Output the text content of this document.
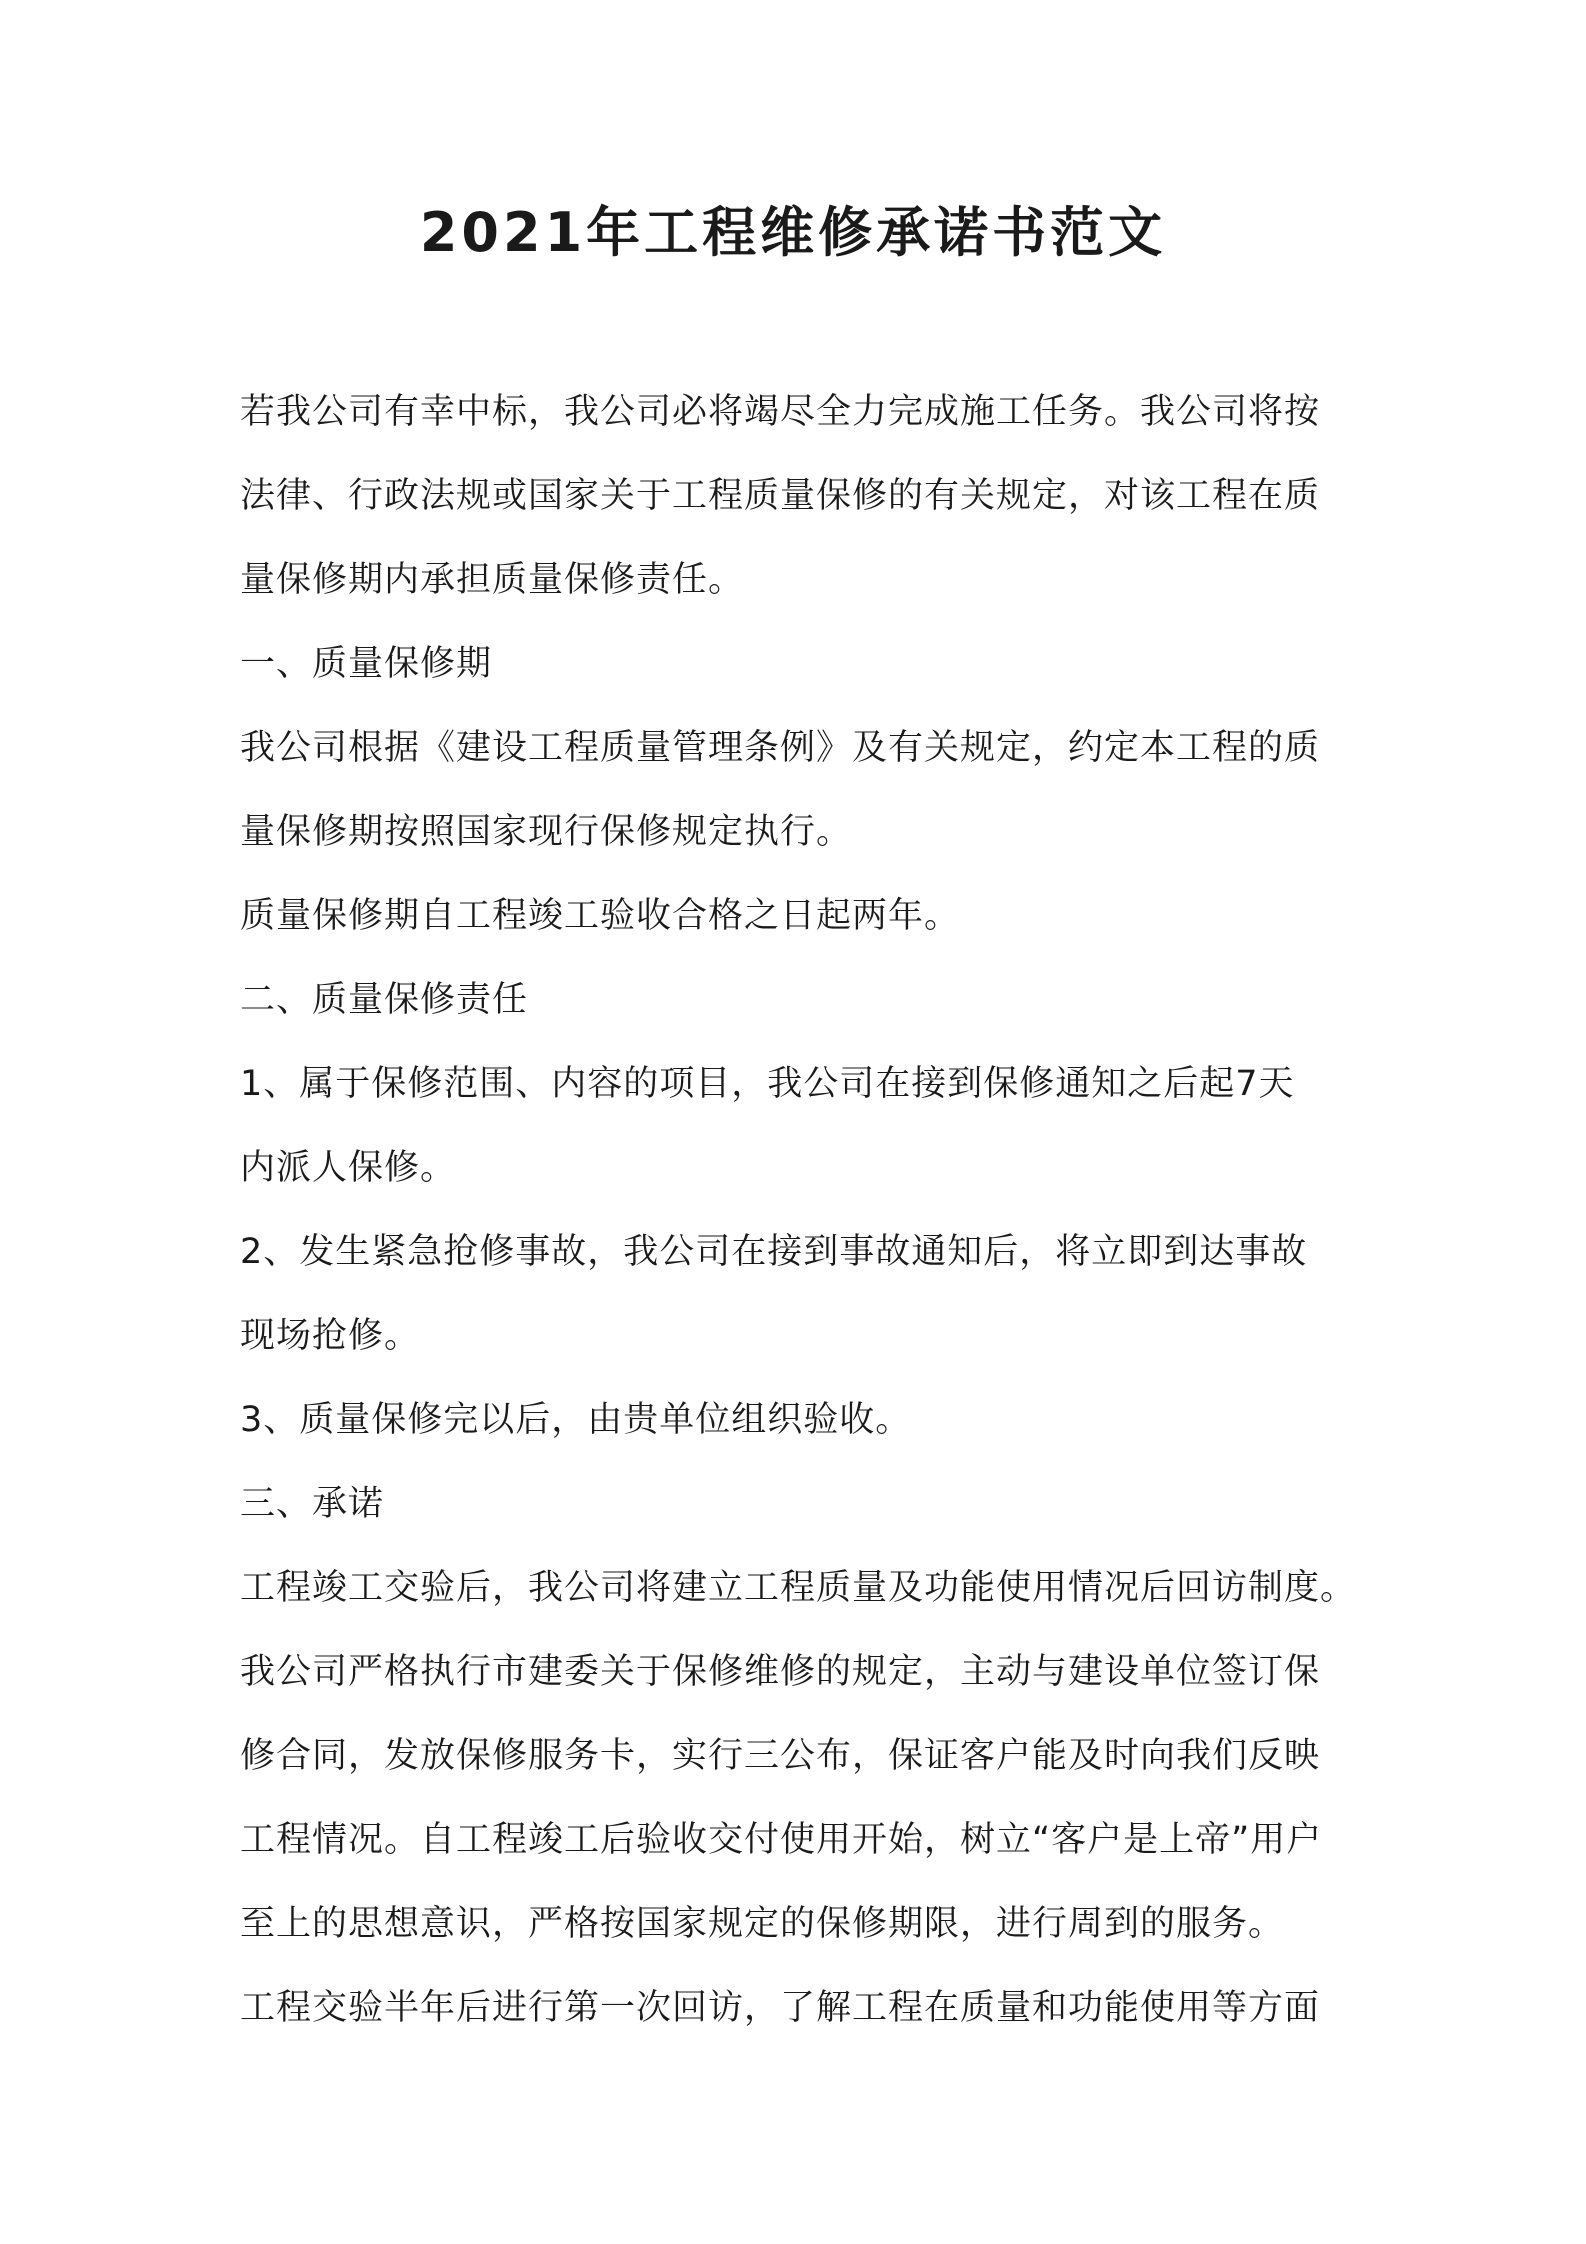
2021年工程维修承诺书范文
若我公司有幸中标，我公司必将竭尽全力完成施工任务。我公司将按
法律、行政法规或国家关于工程质量保修的有关规定，对该工程在质
量保修期内承担质量保修责任。
一、质量保修期
我公司根据《建设工程质量管理条例》及有关规定，约定本工程的质
量保修期按照国家现行保修规定执行。
质量保修期自工程竣工验收合格之日起两年。
二、质量保修责任
1、属于保修范围、内容的项目，我公司在接到保修通知之后起7天
内派人保修。
2、发生紧急抢修事故，我公司在接到事故通知后，将立即到达事故
现场抢修。
3、质量保修完以后，由贵单位组织验收。
三、承诺
工程竣工交验后，我公司将建立工程质量及功能使用情况后回访制度。
我公司严格执行市建委关于保修维修的规定，主动与建设单位签订保
修合同，发放保修服务卡，实行三公布，保证客户能及时向我们反映
工程情况。自工程竣工后验收交付使用开始，树立“客户是上帝”用户
至上的思想意识，严格按国家规定的保修期限，进行周到的服务。
工程交验半年后进行第一次回访，了解工程在质量和功能使用等方面
